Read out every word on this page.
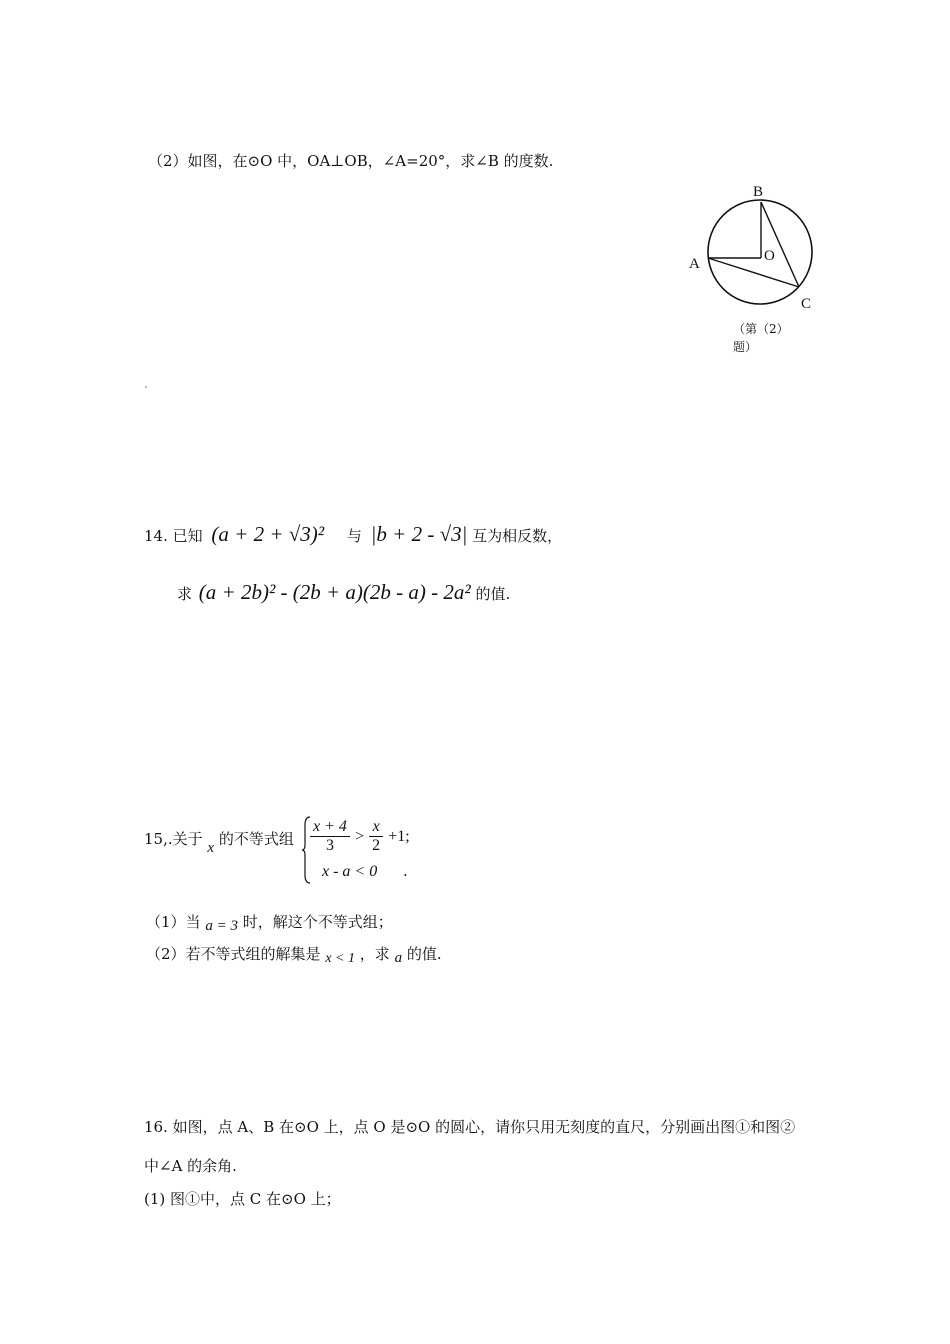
（2）如图，在⊙O 中，OA⊥OB，∠A=20°，求∠B 的度数.
B
O
A
C
（第（2）
题）
14. 已知 (a + 2 + √3)² 与 |b + 2 - √3| 互为相反数，
求 (a + 2b)² - (2b + a)(2b - a) - 2a² 的值.
15,.关于 x 的不等式组 $\frac{x + 4}{3} > \frac{x}{2} +1$;
x - a < 0 .
（1）当 a = 3 时，解这个不等式组；
（2）若不等式组的解集是 x < 1 ，求 a 的值.
16. 如图，点 A、B 在⊙O 上，点 O 是⊙O 的圆心，请你只用无刻度的直尺，分别画出图①和图②
中∠A 的余角.
(1) 图①中，点 C 在⊙O 上；
